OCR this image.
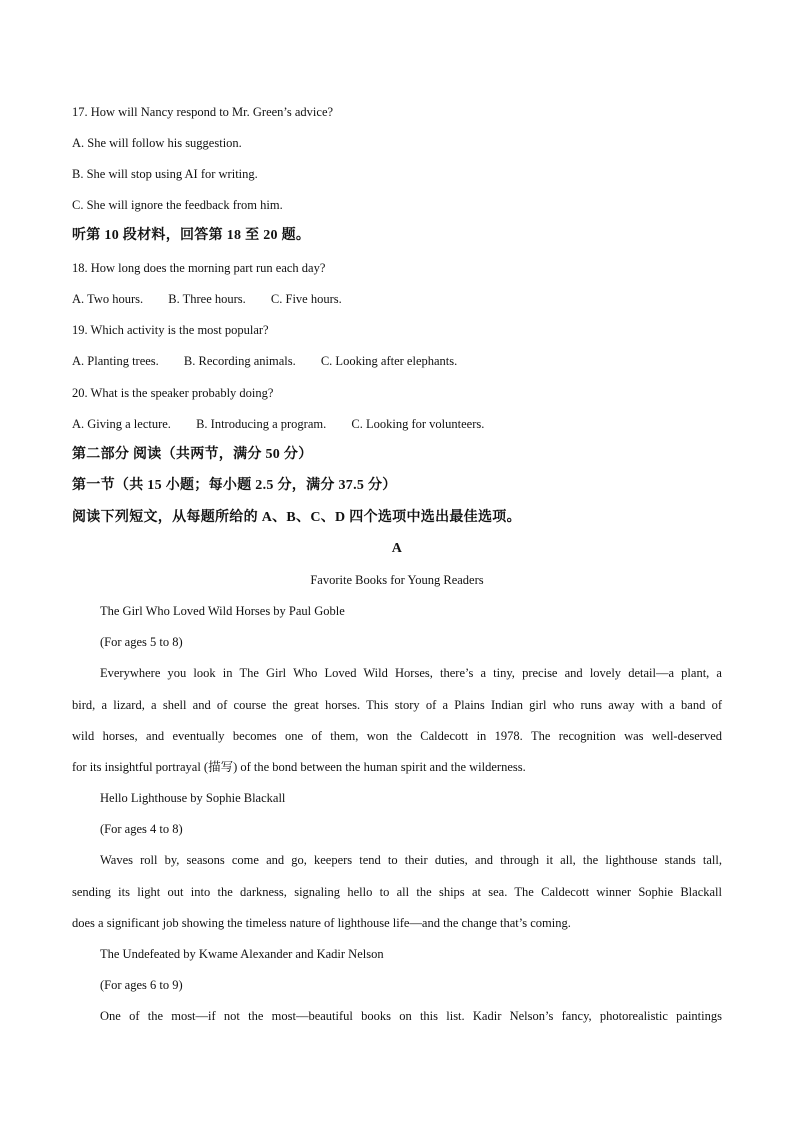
17. How will Nancy respond to Mr. Green’s advice?
A. She will follow his suggestion.
B. She will stop using AI for writing.
C. She will ignore the feedback from him.
听第 10 段材料，回答第 18 至 20 题。
18. How long does the morning part run each day?
A. Two hours. B. Three hours. C. Five hours.
19. Which activity is the most popular?
A. Planting trees. B. Recording animals. C. Looking after elephants.
20. What is the speaker probably doing?
A. Giving a lecture. B. Introducing a program. C. Looking for volunteers.
第二部分 阅读（共两节，满分 50 分）
第一节（共 15 小题；每小题 2.5 分，满分 37.5 分）
阅读下列短文，从每题所给的 A、B、C、D 四个选项中选出最佳选项。
A
Favorite Books for Young Readers
The Girl Who Loved Wild Horses by Paul Goble
(For ages 5 to 8)
Everywhere you look in The Girl Who Loved Wild Horses, there’s a tiny, precise and lovely detail—a plant, a
bird, a lizard, a shell and of course the great horses. This story of a Plains Indian girl who runs away with a band of
wild horses, and eventually becomes one of them, won the Caldecott in 1978. The recognition was well-deserved
for its insightful portrayal (描写) of the bond between the human spirit and the wilderness.
Hello Lighthouse by Sophie Blackall
(For ages 4 to 8)
Waves roll by, seasons come and go, keepers tend to their duties, and through it all, the lighthouse stands tall,
sending its light out into the darkness, signaling hello to all the ships at sea. The Caldecott winner Sophie Blackall
does a significant job showing the timeless nature of lighthouse life—and the change that’s coming.
The Undefeated by Kwame Alexander and Kadir Nelson
(For ages 6 to 9)
One of the most—if not the most—beautiful books on this list. Kadir Nelson’s fancy, photorealistic paintings
